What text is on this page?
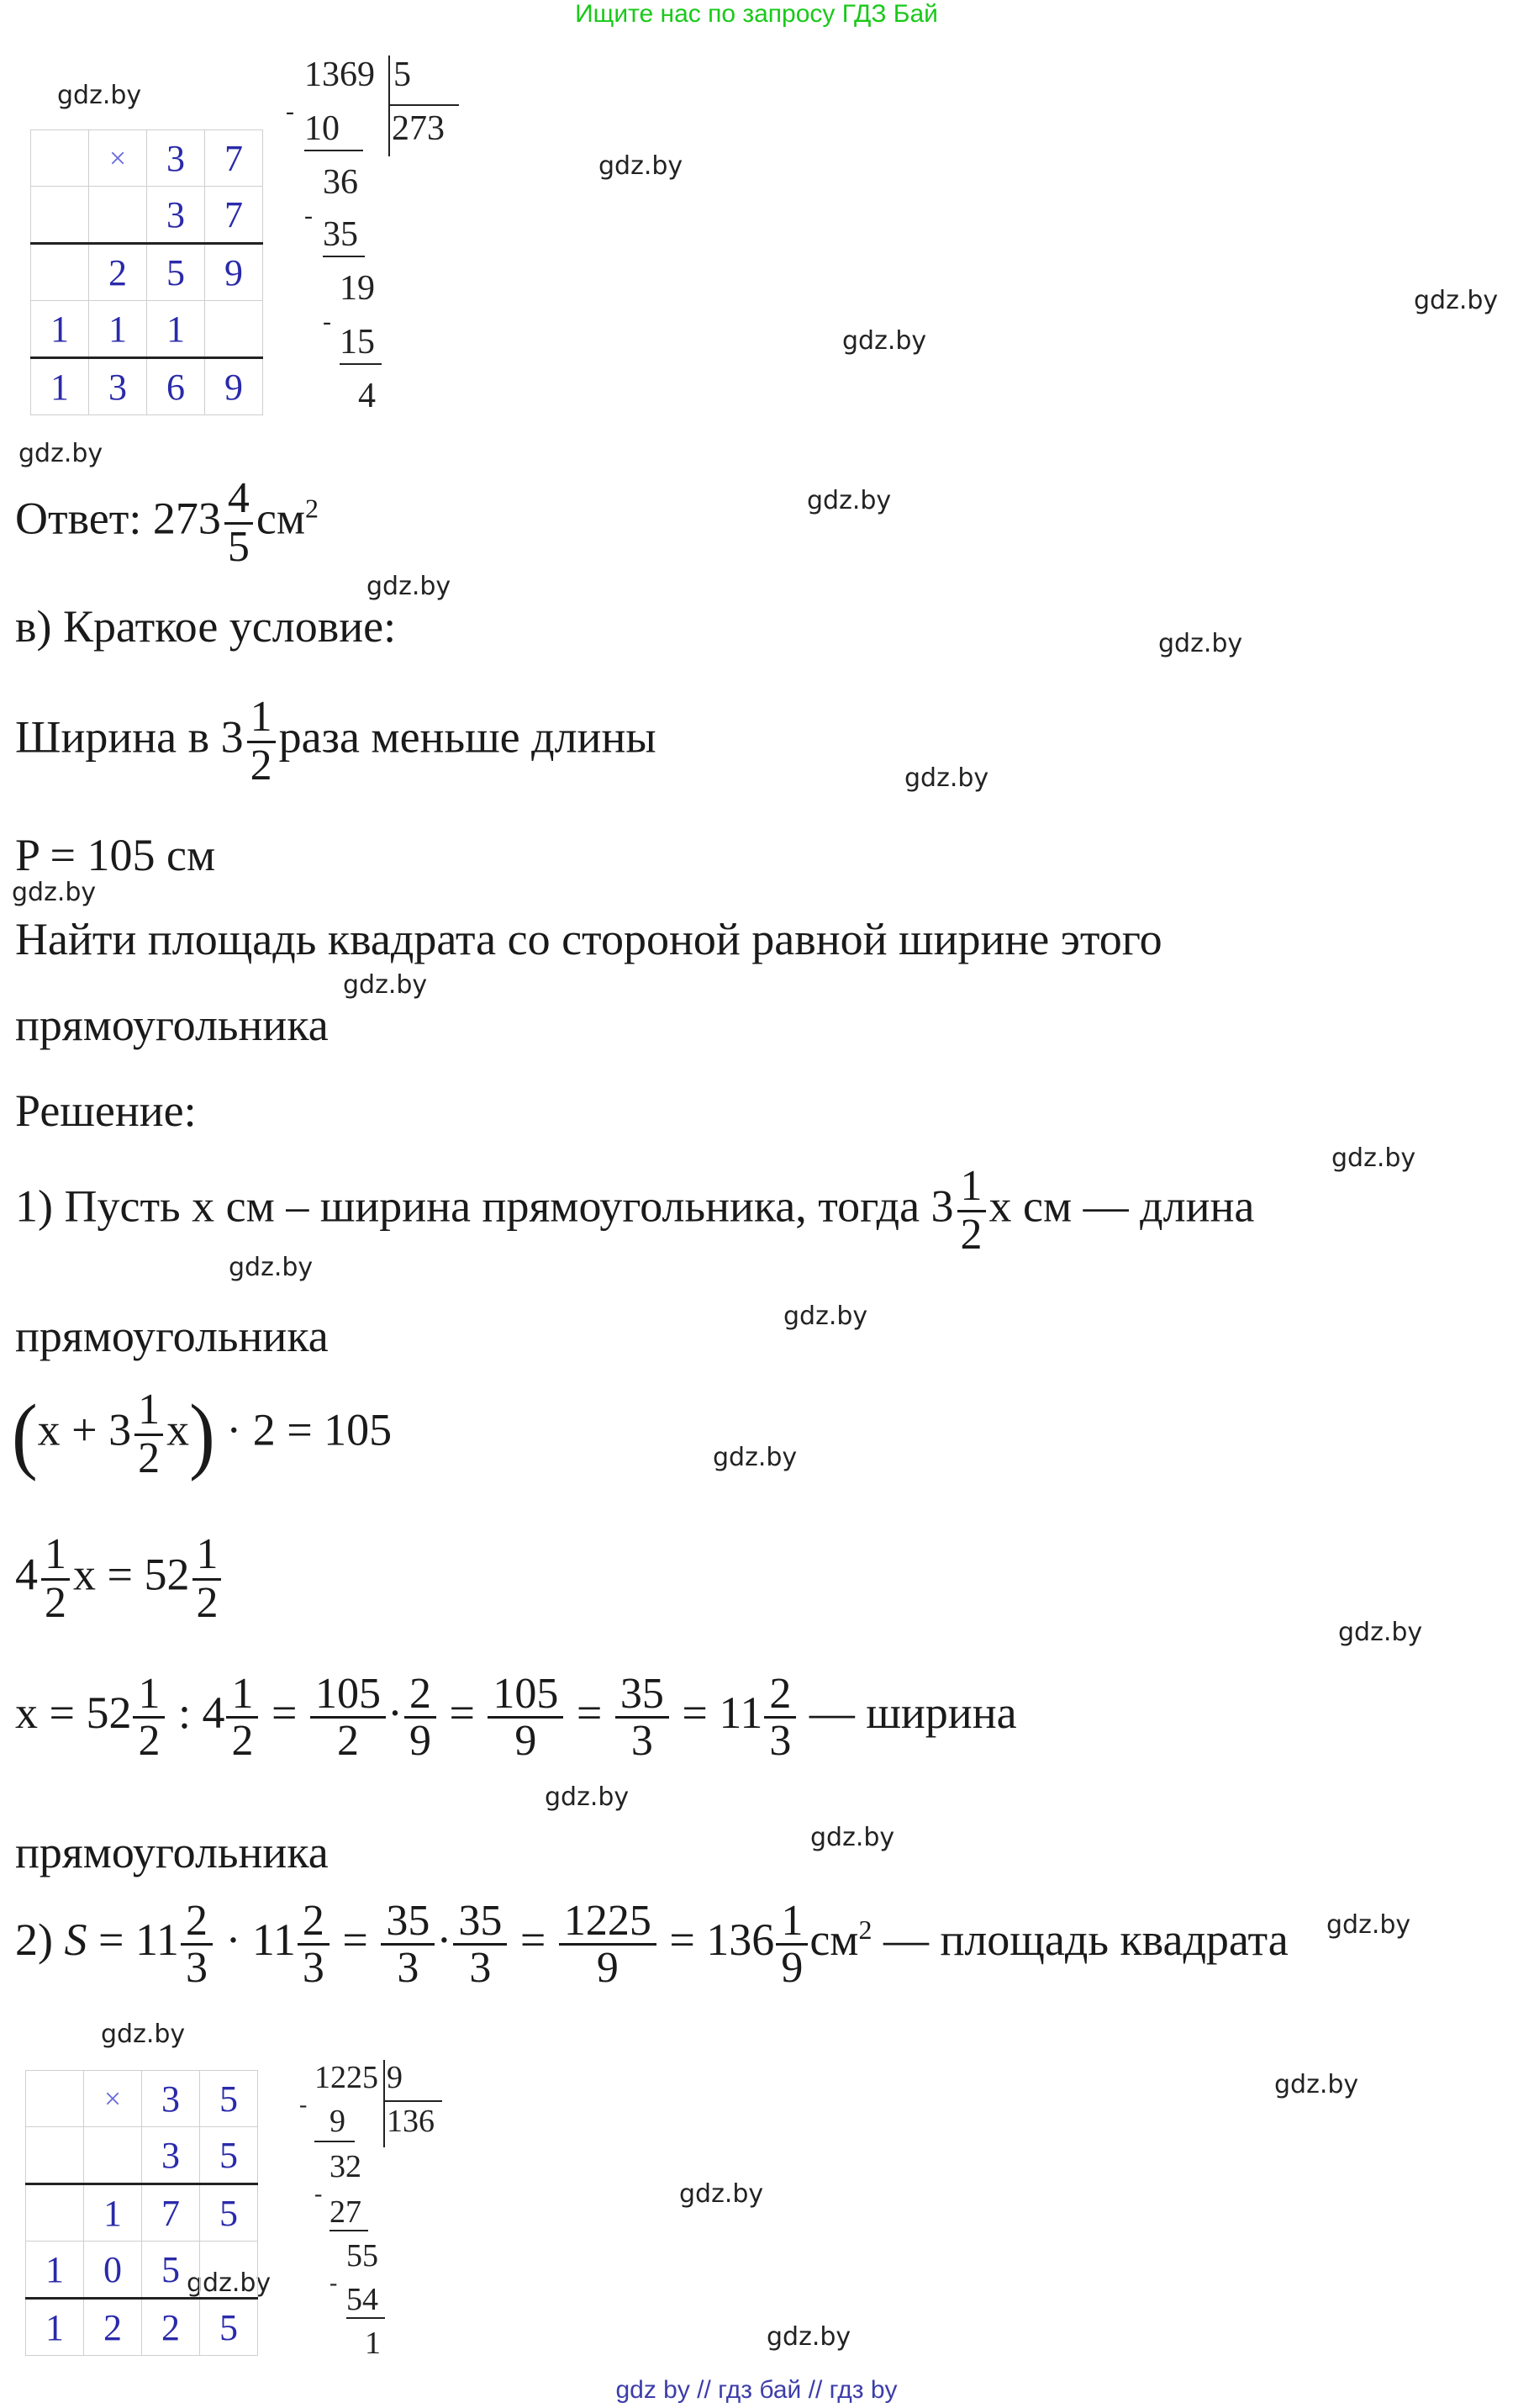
Ищите нас по запросу ГДЗ Бай
gdz.by
gdz.by
gdz.by
gdz.by
gdz.by
gdz.by
gdz.by
gdz.by
gdz.by
gdz.by
gdz.by
gdz.by
gdz.by
gdz.by
gdz.by
gdz.by
gdz.by
gdz.by
gdz.by
gdz.by
gdz.by
gdz.by
gdz.by
gdz.by
	×	3	7
		3	7
	2	5	9
1	1	1	
1	3	6	9
1369 5
273
- 10
36
- 35
19
-
15
4
Ответ: $273 \frac{4}{5} см^2$
в) Краткое условие:
Ширина в $3 \frac{1}{2}$ раза меньше длины
P = 105 см
Найти площадь квадрата со стороной равной ширине этого
прямоугольника
Решение:
1) Пусть x см – ширина прямоугольника, тогда $3 \frac{1}{2}$ x см — длина
прямоугольника
$(x + 3 \frac{1}{2} x) \cdot 2 = 105$
$4 \frac{1}{2}$ $x = 52 \frac{1}{2}$
$x = 52 \frac{1}{2}$ : $4 \frac{1}{2} = \frac{105}{2} \cdot \frac{2}{9} = \frac{105}{9} = \frac{35}{3} = 11 \frac{2}{3}$ — ширина
прямоугольника
2) $S = 11 \frac{2}{3} \cdot 11 \frac{2}{3} = \frac{35}{3} \cdot \frac{35}{3} = \frac{1225}{9} = 136 \frac{1}{9} см^2$ — площадь квадрата
	×	3	5
		3	5
	1	7	5
1	0	5	
1	2	2	5
1225 9
136
- 9
32
-
27
55
- 54
1
gdz by // гдз бай // гдз by
